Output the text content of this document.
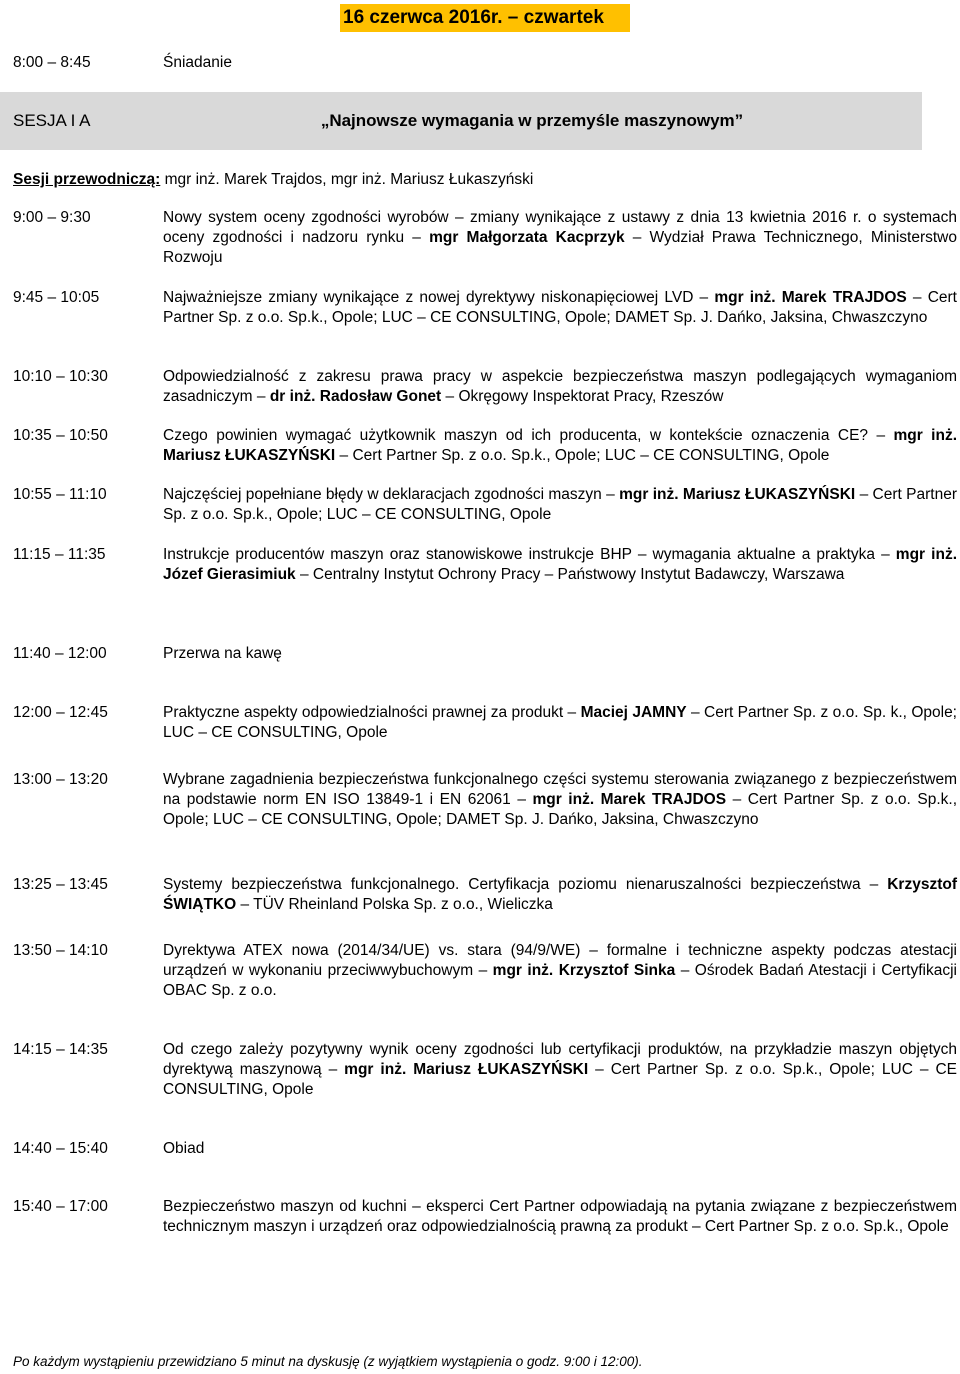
16 czerwca 2016r. – czwartek
8:00 – 8:45	Śniadanie
SESJA I A	„Najnowsze wymagania w przemyśle maszynowym”
Sesji przewodniczą: mgr inż. Marek Trajdos, mgr inż. Mariusz Łukaszyński
9:00 – 9:30	Nowy system oceny zgodności wyrobów – zmiany wynikające z ustawy z dnia 13 kwietnia 2016 r. o systemach oceny zgodności i nadzoru rynku – mgr Małgorzata Kacprzyk – Wydział Prawa Technicznego, Ministerstwo Rozwoju
9:45 – 10:05	Najważniejsze zmiany wynikające z nowej dyrektywy niskonapięciowej LVD – mgr inż. Marek TRAJDOS – Cert Partner Sp. z o.o. Sp.k., Opole; LUC – CE CONSULTING, Opole; DAMET Sp. J. Dańko, Jaksina, Chwaszczyno
10:10 – 10:30	Odpowiedzialność z zakresu prawa pracy w aspekcie bezpieczeństwa maszyn podlegających wymaganiom zasadniczym – dr inż. Radosław Gonet – Okręgowy Inspektorat Pracy, Rzeszów
10:35 – 10:50	Czego powinien wymagać użytkownik maszyn od ich producenta, w kontekście oznaczenia CE? – mgr inż. Mariusz ŁUKASZYŃSKI – Cert Partner Sp. z o.o. Sp.k., Opole; LUC – CE CONSULTING, Opole
10:55 – 11:10	Najczęściej popełniane błędy w deklaracjach zgodności maszyn – mgr inż. Mariusz ŁUKASZYŃSKI – Cert Partner Sp. z o.o. Sp.k., Opole; LUC – CE CONSULTING, Opole
11:15 – 11:35	Instrukcje producentów maszyn oraz stanowiskowe instrukcje BHP – wymagania aktualne a praktyka – mgr inż. Józef Gierasimiuk – Centralny Instytut Ochrony Pracy – Państwowy Instytut Badawczy, Warszawa
11:40 – 12:00	Przerwa na kawę
12:00 – 12:45	Praktyczne aspekty odpowiedzialności prawnej za produkt – Maciej JAMNY – Cert Partner Sp. z o.o. Sp. k., Opole; LUC – CE CONSULTING, Opole
13:00 – 13:20	Wybrane zagadnienia bezpieczeństwa funkcjonalnego części systemu sterowania związanego z bezpieczeństwem na podstawie norm EN ISO 13849-1 i EN 62061 – mgr inż. Marek TRAJDOS – Cert Partner Sp. z o.o. Sp.k., Opole; LUC – CE CONSULTING, Opole; DAMET Sp. J. Dańko, Jaksina, Chwaszczyno
13:25 – 13:45	Systemy bezpieczeństwa funkcjonalnego. Certyfikacja poziomu nienaruszalności bezpieczeństwa – Krzysztof ŚWIĄTKO – TÜV Rheinland Polska Sp. z o.o., Wieliczka
13:50 – 14:10	Dyrektywa ATEX nowa (2014/34/UE) vs. stara (94/9/WE) – formalne i techniczne aspekty podczas atestacji urządzeń w wykonaniu przeciwwybuchowym – mgr inż. Krzysztof Sinka – Ośrodek Badań Atestacji i Certyfikacji OBAC Sp. z o.o.
14:15 – 14:35	Od czego zależy pozytywny wynik oceny zgodności lub certyfikacji produktów, na przykładzie maszyn objętych dyrektywą maszynową – mgr inż. Mariusz ŁUKASZYŃSKI – Cert Partner Sp. z o.o. Sp.k., Opole; LUC – CE CONSULTING, Opole
14:40 – 15:40	Obiad
15:40 – 17:00	Bezpieczeństwo maszyn od kuchni – eksperci Cert Partner odpowiadają na pytania związane z bezpieczeństwem technicznym maszyn i urządzeń oraz odpowiedzialnością prawną za produkt – Cert Partner Sp. z o.o. Sp.k., Opole
Po każdym wystąpieniu przewidziano 5 minut na dyskusję (z wyjątkiem wystąpienia o godz. 9:00 i 12:00).
